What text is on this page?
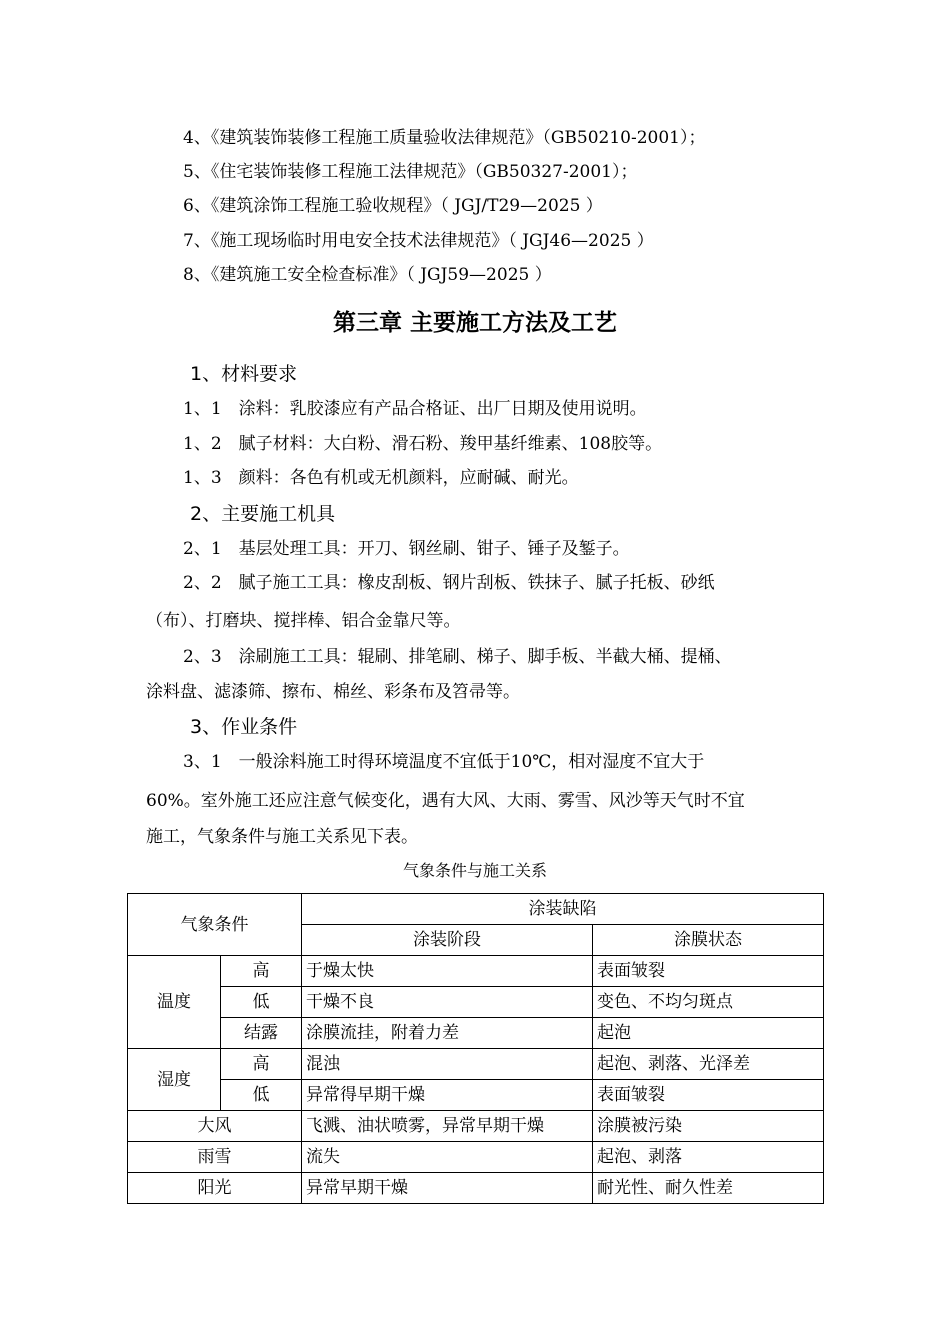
4、《建筑装饰装修工程施工质量验收法律规范》（GB50210-2001）；
5、《住宅装饰装修工程施工法律规范》（GB50327-2001）；
6、《建筑涂饰工程施工验收规程》（ JGJ/T29—2025 ）
7、《施工现场临时用电安全技术法律规范》（ JGJ46—2025 ）
8、《建筑施工安全检查标准》（ JGJ59—2025 ）
第三章 主要施工方法及工艺
1、材料要求
1、1　涂料：乳胶漆应有产品合格证、出厂日期及使用说明。
1、2　腻子材料：大白粉、滑石粉、羧甲基纤维素、108胶等。
1、3　颜料：各色有机或无机颜料，应耐碱、耐光。
2、主要施工机具
2、1　基层处理工具：开刀、钢丝刷、钳子、锤子及錾子。
2、2　腻子施工工具：橡皮刮板、钢片刮板、铁抹子、腻子托板、砂纸
（布）、打磨块、搅拌棒、铝合金靠尺等。
2、3　涂刷施工工具：辊刷、排笔刷、梯子、脚手板、半截大桶、提桶、
涂料盘、滤漆筛、擦布、棉丝、彩条布及笤帚等。
3、作业条件
3、1　一般涂料施工时得环境温度不宜低于10℃，相对湿度不宜大于
60%。室外施工还应注意气候变化，遇有大风、大雨、雾雪、风沙等天气时不宜
施工，气象条件与施工关系见下表。
气象条件与施工关系
气象条件		涂装缺陷	
		涂装阶段	涂膜状态
温度	高	于燥太快	表面皱裂
	低	干燥不良	变色、不均匀斑点
	结露	涂膜流挂，附着力差	起泡
湿度	高	混浊	起泡、剥落、光泽差
	低	异常得早期干燥	表面皱裂
大风		飞溅、油状喷雾，异常早期干燥	涂膜被污染
雨雪		流失	起泡、剥落
阳光		异常早期干燥	耐光性、耐久性差
